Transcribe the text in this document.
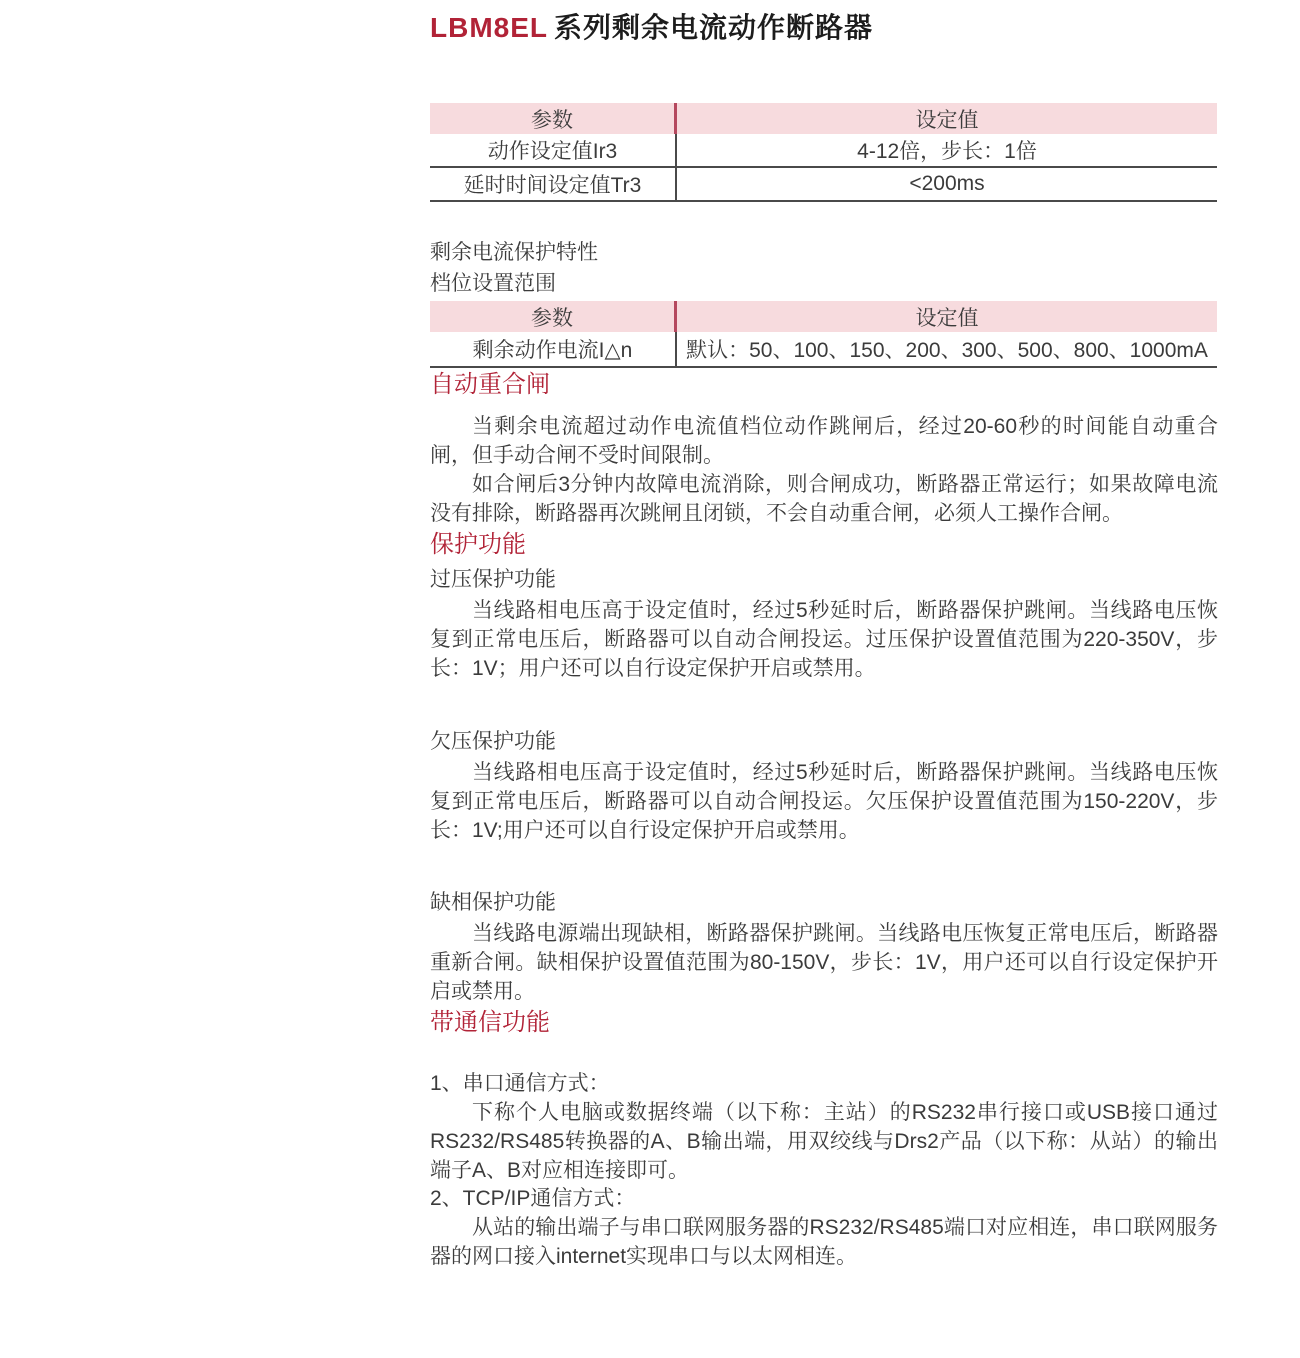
LBM8EL 系列剩余电流动作断路器
参数	设定值
动作设定值Ir3	4-12倍，步长：1倍
延时时间设定值Tr3	<200ms

剩余电流保护特性

档位设置范围

参数	设定值
剩余动作电流I△n	默认：50、100、150、200、300、500、800、1000mA
自动重合闸

当剩余电流超过动作电流值档位动作跳闸后，经过20-60秒的时间能自动重合闸，但手动合闸不受时间限制。

如合闸后3分钟内故障电流消除，则合闸成功，断路器正常运行；如果故障电流没有排除，断路器再次跳闸且闭锁，不会自动重合闸，必须人工操作合闸。

保护功能

过压保护功能

当线路相电压高于设定值时，经过5秒延时后，断路器保护跳闸。当线路电压恢复到正常电压后，断路器可以自动合闸投运。过压保护设置值范围为220-350V，步长：1V；用户还可以自行设定保护开启或禁用。

欠压保护功能

当线路相电压高于设定值时，经过5秒延时后，断路器保护跳闸。当线路电压恢复到正常电压后，断路器可以自动合闸投运。欠压保护设置值范围为150-220V，步长：1V;用户还可以自行设定保护开启或禁用。

缺相保护功能

当线路电源端出现缺相，断路器保护跳闸。当线路电压恢复正常电压后，断路器重新合闸。缺相保护设置值范围为80-150V，步长：1V，用户还可以自行设定保护开启或禁用。

带通信功能

1、串口通信方式：

下称个人电脑或数据终端（以下称：主站）的RS232串行接口或USB接口通过RS232/RS485转换器的A、B输出端，用双绞线与Drs2产品（以下称：从站）的输出端子A、B对应相连接即可。

2、TCP/IP通信方式：

从站的输出端子与串口联网服务器的RS232/RS485端口对应相连，串口联网服务器的网口接入internet实现串口与以太网相连。
